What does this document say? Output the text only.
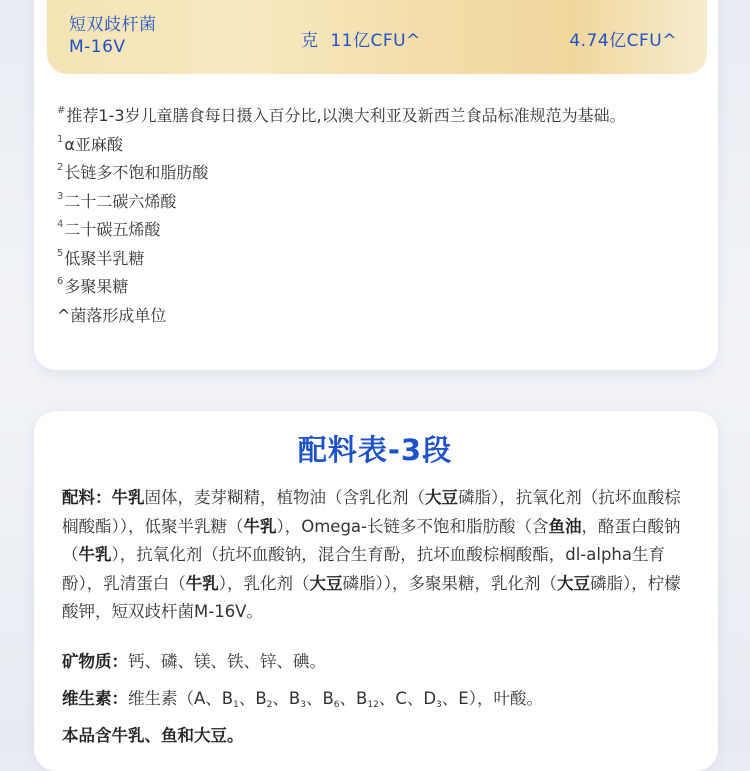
短双歧杆菌
M-16V	克 11亿CFU^	4.74亿CFU^
# 推荐1-3岁儿童膳食每日摄入百分比,以澳大利亚及新西兰食品标准规范为基础。
1 α亚麻酸
2 长链多不饱和脂肪酸
3 二十二碳六烯酸
4 二十碳五烯酸
5 低聚半乳糖
6 多聚果糖
^菌落形成单位
配料表-3段
配料：牛乳固体，麦芽糊精，植物油（含乳化剂（大豆磷脂），抗氧化剂（抗坏血酸棕榈酸酯）），低聚半乳糖（牛乳），Omega-长链多不饱和脂肪酸（含鱼油，酪蛋白酸钠（牛乳），抗氧化剂（抗坏血酸钠，混合生育酚，抗坏血酸棕榈酸酯，dl-alpha生育酚），乳清蛋白（牛乳），乳化剂（大豆磷脂）），多聚果糖，乳化剂（大豆磷脂），柠檬酸钾，短双歧杆菌M-16V。
矿物质：钙、磷、镁、铁、锌、碘。
维生素：维生素（A、$B_1$、$B_2$、$B_3$、$B_6$、$B_{12}$、C、$D_3$、E），叶酸。
本品含牛乳、鱼和大豆。
